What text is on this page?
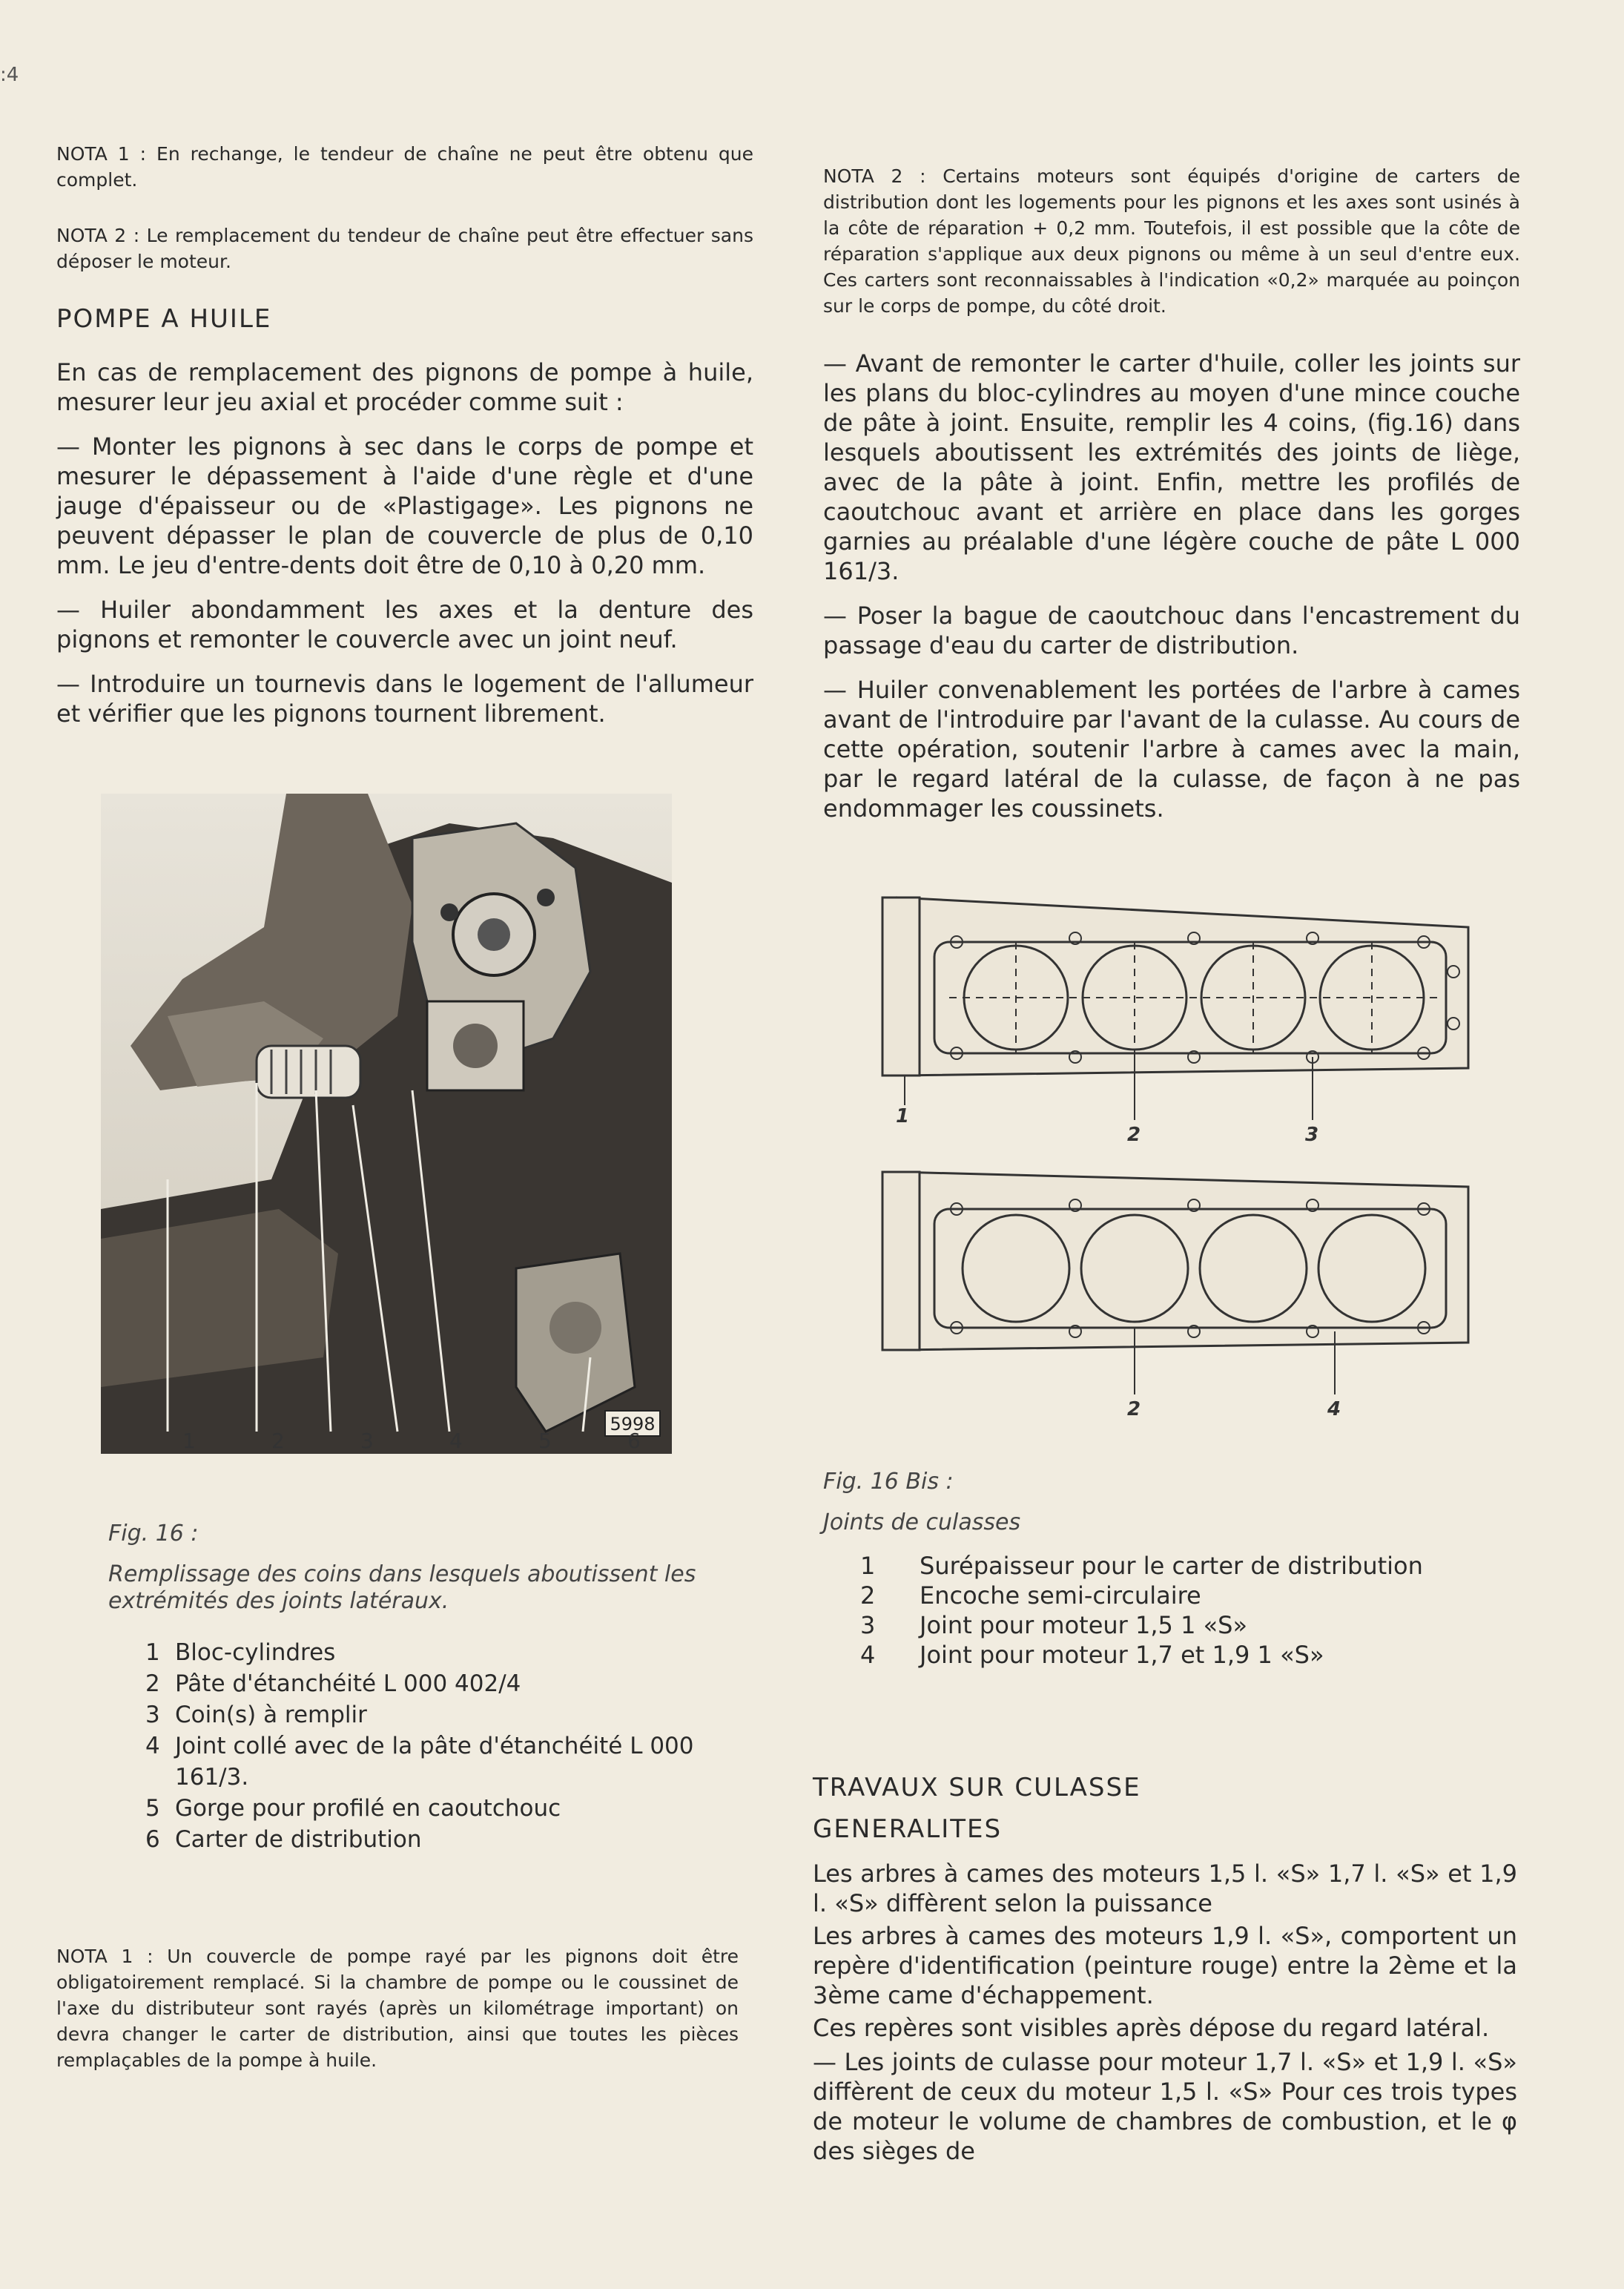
:4

NOTA 1 : En rechange, le tendeur de chaîne ne peut être obtenu que complet.

NOTA 2 : Le remplacement du tendeur de chaîne peut être effectuer sans déposer le moteur.

POMPE A HUILE

En cas de remplacement des pignons de pompe à huile, mesurer leur jeu axial et procéder comme suit :

— Monter les pignons à sec dans le corps de pompe et mesurer le dépassement à l'aide d'une règle et d'une jauge d'épaisseur ou de «Plastigage». Les pignons ne peuvent dépasser le plan de couvercle de plus de 0,10 mm. Le jeu d'entre-dents doit être de 0,10 à 0,20 mm.

— Huiler abondamment les axes et la denture des pignons et remonter le couvercle avec un joint neuf.

— Introduire un tournevis dans le logement de l'allumeur et vérifier que les pignons tournent librement.

5998
1	2	3	4	5	6

Fig. 16 :

Remplissage des coins dans lesquels aboutissent les extrémités des joints latéraux.

1 Bloc-cylindres
2 Pâte d'étanchéité L 000 402/4
3 Coin(s) à remplir
4 Joint collé avec de la pâte d'étanchéité L 000 161/3.
5 Gorge pour profilé en caoutchouc
6 Carter de distribution

NOTA 1 : Un couvercle de pompe rayé par les pignons doit être obligatoirement remplacé. Si la chambre de pompe ou le coussinet de l'axe du distributeur sont rayés (après un kilométrage important) on devra changer le carter de distribution, ainsi que toutes les pièces remplaçables de la pompe à huile.

NOTA 2 : Certains moteurs sont équipés d'origine de carters de distribution dont les logements pour les pignons et les axes sont usinés à la côte de réparation + 0,2 mm. Toutefois, il est possible que la côte de réparation s'applique aux deux pignons ou même à un seul d'entre eux. Ces carters sont reconnaissables à l'indication «0,2» marquée au poinçon sur le corps de pompe, du côté droit.

— Avant de remonter le carter d'huile, coller les joints sur les plans du bloc-cylindres au moyen d'une mince couche de pâte à joint. Ensuite, remplir les 4 coins, (fig.16) dans lesquels aboutissent les extrémités des joints de liège, avec de la pâte à joint. Enfin, mettre les profilés de caoutchouc avant et arrière en place dans les gorges garnies au préalable d'une légère couche de pâte L 000 161/3.

— Poser la bague de caoutchouc dans l'encastrement du passage d'eau du carter de distribution.

— Huiler convenablement les portées de l'arbre à cames avant de l'introduire par l'avant de la culasse. Au cours de cette opération, soutenir l'arbre à cames avec la main, par le regard latéral de la culasse, de façon à ne pas endommager les coussinets.

1
2	3
2	4

Fig. 16 Bis :

Joints de culasses

1	Surépaisseur pour le carter de distribution
2	Encoche semi-circulaire
3	Joint pour moteur 1,5 1 «S»
4	Joint pour moteur 1,7 et 1,9 1 «S»
TRAVAUX SUR CULASSE
GENERALITES

Les arbres à cames des moteurs 1,5 l. «S» 1,7 l. «S» et 1,9 l. «S» diffèrent selon la puissance

Les arbres à cames des moteurs 1,9 l. «S», comportent un repère d'identification (peinture rouge) entre la 2ème et la 3ème came d'échappement.

Ces repères sont visibles après dépose du regard latéral.

— Les joints de culasse pour moteur 1,7 l. «S» et 1,9 l. «S» diffèrent de ceux du moteur 1,5 l. «S» Pour ces trois types de moteur le volume de chambres de combustion, et le φ des sièges de
